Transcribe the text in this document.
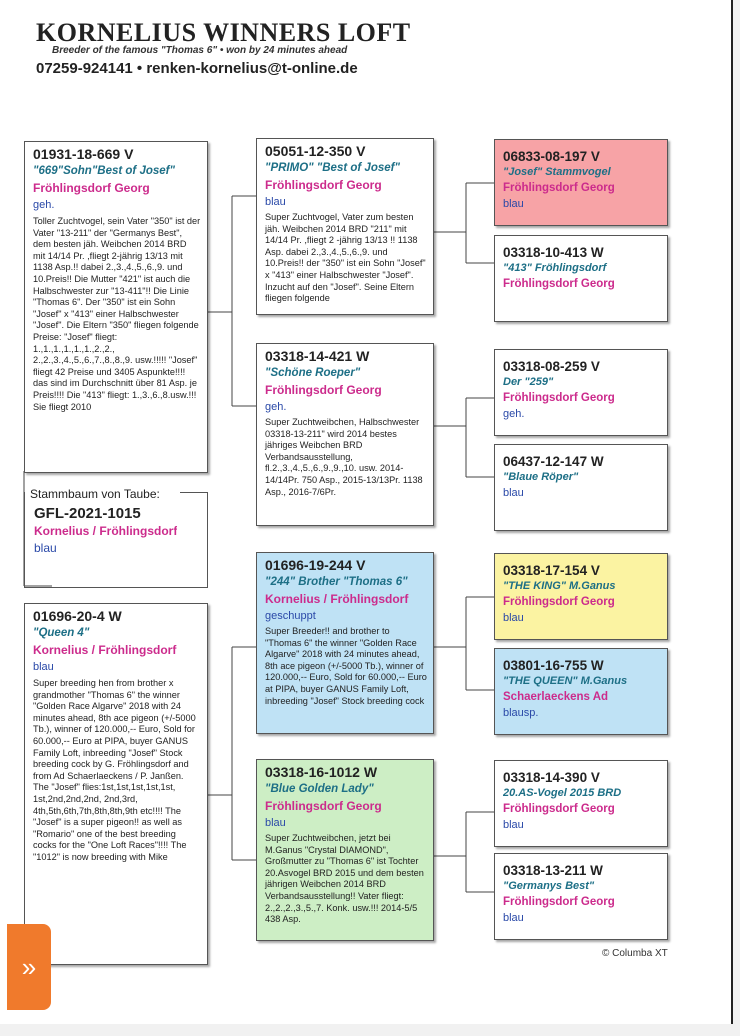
KORNELIUS WINNERS LOFT
Breeder of the famous "Thomas 6" • won by 24 minutes ahead
07259-924141 • renken-kornelius@t-online.de
Stammbaum von Taube:
GFL-2021-1015
Kornelius / Fröhlingsdorf
blau
01931-18-669 V
"669"Sohn"Best of Josef"
Fröhlingsdorf Georg
geh.
Toller Zuchtvogel, sein Vater "350" ist der Vater "13-211" der "Germanys Best", dem besten jäh. Weibchen 2014 BRD mit 14/14 Pr. ,fliegt 2-jährig 13/13 mit 1138 Asp.!! dabei 2.,3.,4.,5.,6.,9. und 10.Preis!! Die Mutter "421" ist auch die Halbschwester zur "13-411"!! Die Linie "Thomas 6". Der "350" ist ein Sohn "Josef" x "413" einer Halbschwester "Josef". Die Eltern "350" fliegen folgende Preise: "Josef" fliegt: 1.,1.,1.,1.,1.,1.,2.,2., 2.,2.,3.,4.,5.,6.,7.,8.,8.,9. usw.!!!!! "Josef" fliegt 42 Preise und 3405 Aspunkte!!!! das sind im Durchschnitt über 81 Asp. je Preis!!!! Die "413" fliegt: 1.,3.,6.,8.usw.!!! Sie fliegt 2010
01696-20-4 W
"Queen 4"
Kornelius / Fröhlingsdorf
blau
Super breeding hen from brother x grandmother "Thomas 6" the winner "Golden Race Algarve" 2018 with 24 minutes ahead, 8th ace pigeon (+/-5000 Tb.), winner of 120.000,-- Euro, Sold for 60.000,-- Euro at PIPA, buyer GANUS Family Loft, inbreeding "Josef" Stock breeding cock by G. Fröhlingsdorf and from Ad Schaerlaeckens / P. Janßen. The "Josef" flies:1st,1st,1st,1st,1st, 1st,2nd,2nd,2nd, 2nd,3rd, 4th,5th,6th,7th,8th,8th,9th etc!!!! The "Josef" is a super pigeon!! as well as "Romario" one of the best breeding cocks for the "One Loft Races"!!!! The "1012" is now breeding with Mike
05051-12-350 V
"PRIMO" "Best of Josef"
Fröhlingsdorf Georg
blau
Super Zuchtvogel, Vater zum besten jäh. Weibchen 2014 BRD "211" mit 14/14 Pr. ,fliegt 2 -jährig 13/13 !! 1138 Asp. dabei 2.,3.,4.,5.,6.,9. und 10.Preis!! der "350" ist ein Sohn "Josef" x "413" einer Halbschwester "Josef". Inzucht auf den "Josef". Seine Eltern fliegen folgende
03318-14-421 W
"Schöne Roeper"
Fröhlingsdorf Georg
geh.
Super Zuchtweibchen, Halbschwester 03318-13-211" wird 2014 bestes jähriges Weibchen BRD Verbandsausstellung, fl.2.,3.,4.,5.,6.,9.,9.,10. usw. 2014-14/14Pr. 750 Asp., 2015-13/13Pr. 1138 Asp., 2016-7/6Pr.
01696-19-244 V
"244" Brother "Thomas 6"
Kornelius / Fröhlingsdorf
geschuppt
Super Breeder!! and brother to "Thomas 6" the winner "Golden Race Algarve" 2018 with 24 minutes ahead, 8th ace pigeon (+/-5000 Tb.), winner of 120.000,-- Euro, Sold for 60.000,-- Euro at PIPA, buyer GANUS Family Loft, inbreeding "Josef" Stock breeding cock
03318-16-1012 W
"Blue Golden Lady"
Fröhlingsdorf Georg
blau
Super Zuchtweibchen, jetzt bei M.Ganus "Crystal DIAMOND", Großmutter zu "Thomas 6" ist Tochter 20.Asvogel BRD 2015 und dem besten jährigen Weibchen 2014 BRD Verbandsausstellung!! Vater fliegt: 2.,2.,2.,3.,5.,7. Konk. usw.!!! 2014-5/5 438 Asp.
06833-08-197 V
"Josef" Stammvogel
Fröhlingsdorf Georg
blau
03318-10-413 W
"413" Fröhlingsdorf
Fröhlingsdorf Georg
03318-08-259 V
Der "259"
Fröhlingsdorf Georg
geh.
06437-12-147 W
"Blaue Röper"
blau
03318-17-154 V
"THE KING" M.Ganus
Fröhlingsdorf Georg
blau
03801-16-755 W
"THE QUEEN" M.Ganus
Schaerlaeckens Ad
blausp.
03318-14-390 V
20.AS-Vogel 2015 BRD
Fröhlingsdorf Georg
blau
03318-13-211 W
"Germanys Best"
Fröhlingsdorf Georg
blau
© Columba XT
»
